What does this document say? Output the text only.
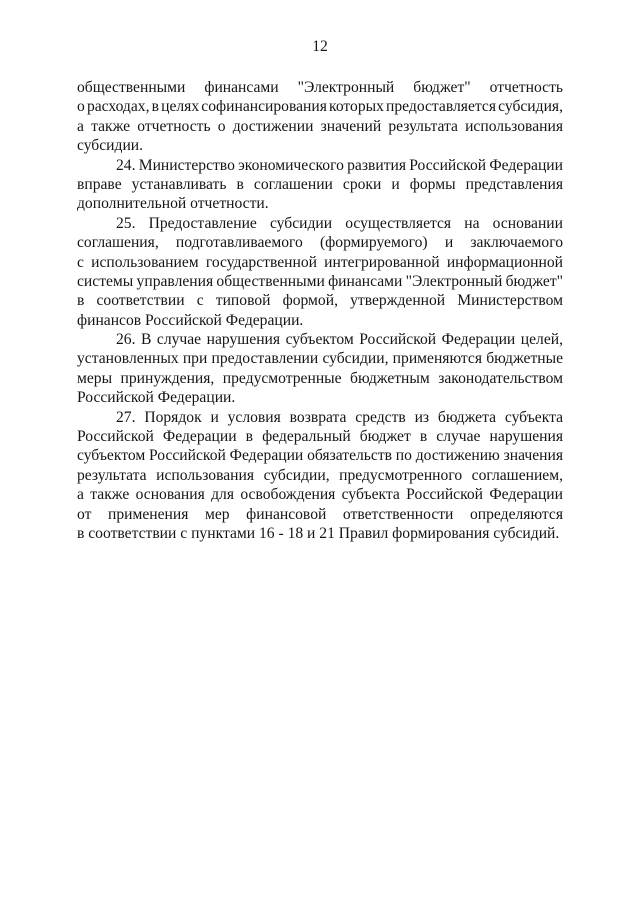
12
общественными финансами "Электронный бюджет" отчетность
о расходах, в целях софинансирования которых предоставляется субсидия,
а также отчетность о достижении значений результата использования
субсидии.
24. Министерство экономического развития Российской Федерации
вправе устанавливать в соглашении сроки и формы представления
дополнительной отчетности.
25. Предоставление субсидии осуществляется на основании
соглашения, подготавливаемого (формируемого) и заключаемого
с использованием государственной интегрированной информационной
системы управления общественными финансами "Электронный бюджет"
в соответствии с типовой формой, утвержденной Министерством
финансов Российской Федерации.
26. В случае нарушения субъектом Российской Федерации целей,
установленных при предоставлении субсидии, применяются бюджетные
меры принуждения, предусмотренные бюджетным законодательством
Российской Федерации.
27. Порядок и условия возврата средств из бюджета субъекта
Российской Федерации в федеральный бюджет в случае нарушения
субъектом Российской Федерации обязательств по достижению значения
результата использования субсидии, предусмотренного соглашением,
а также основания для освобождения субъекта Российской Федерации
от применения мер финансовой ответственности определяются
в соответствии с пунктами 16 - 18 и 21 Правил формирования субсидий.
